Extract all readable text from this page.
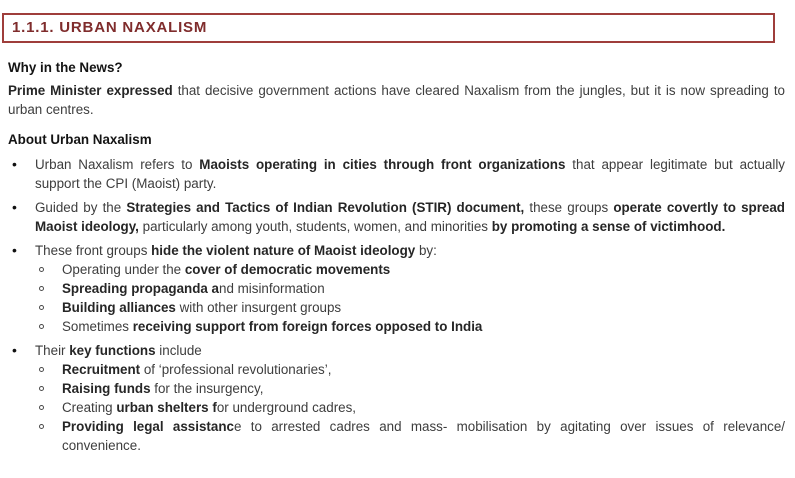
1.1.1. URBAN NAXALISM
Why in the News?

Prime Minister expressed that decisive government actions have cleared Naxalism from the jungles, but it is now spreading to urban centres.

About Urban Naxalism
• Urban Naxalism refers to Maoists operating in cities through front organizations that appear legitimate but actually support the CPI (Maoist) party.
• Guided by the Strategies and Tactics of Indian Revolution (STIR) document, these groups operate covertly to spread Maoist ideology, particularly among youth, students, women, and minorities by promoting a sense of victimhood.
• These front groups hide the violent nature of Maoist ideology by:
Operating under the cover of democratic movements
Spreading propaganda and misinformation
Building alliances with other insurgent groups
Sometimes receiving support from foreign forces opposed to India
• Their key functions include
Recruitment of ‘professional revolutionaries’,
Raising funds for the insurgency,
Creating urban shelters for underground cadres,
Providing legal assistance to arrested cadres and mass- mobilisation by agitating over issues of relevance/ convenience.
